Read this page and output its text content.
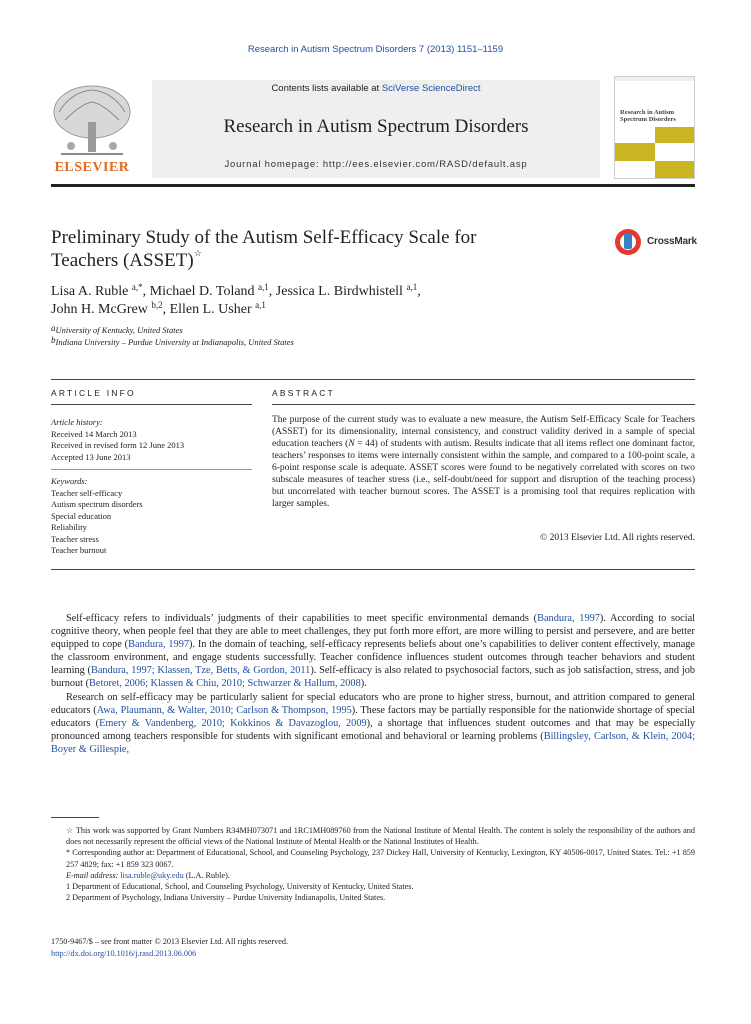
Research in Autism Spectrum Disorders 7 (2013) 1151–1159
ELSEVIER
Contents lists available at SciVerse ScienceDirect
Research in Autism Spectrum Disorders
Journal homepage: http://ees.elsevier.com/RASD/default.asp
Research in Autism Spectrum Disorders
Preliminary Study of the Autism Self-Efficacy Scale for
Teachers (ASSET)☆
CrossMark
Lisa A. Ruble $^{a,*}$, Michael D. Toland $^{a,1}$, Jessica L. Birdwhistell $^{a,1}$,
John H. McGrew $^{b,2}$, Ellen L. Usher $^{a,1}$
$^a$University of Kentucky, United States
$^b$Indiana University – Purdue University at Indianapolis, United States
ARTICLE INFO	ABSTRACT
Article history:
Received 14 March 2013
Received in revised form 12 June 2013
Accepted 13 June 2013
Keywords:
Teacher self-efficacy
Autism spectrum disorders
Special education
Reliability
Teacher stress
Teacher burnout
The purpose of the current study was to evaluate a new measure, the Autism Self-Efficacy Scale for Teachers (ASSET) for its dimensionality, internal consistency, and construct validity derived in a sample of special education teachers (N = 44) of students with autism. Results indicate that all items reflect one dominant factor, teachers’ responses to items were internally consistent within the sample, and compared to a 100-point scale, a 6-point response scale is adequate. ASSET scores were found to be negatively correlated with scores on two subscale measures of teacher stress (i.e., self-doubt/need for support and disruption of the teaching process) but uncorrelated with teacher burnout scores. The ASSET is a promising tool that requires replication with larger samples.
© 2013 Elsevier Ltd. All rights reserved.

Self-efficacy refers to individuals’ judgments of their capabilities to meet specific environmental demands (Bandura, 1997). According to social cognitive theory, when people feel that they are able to meet challenges, they put forth more effort, are more willing to persist and persevere, and are better equipped to cope (Bandura, 1997). In the domain of teaching, self-efficacy represents beliefs about one’s capabilities to deliver content effectively, manage the classroom environment, and engage students successfully. Teacher confidence influences student outcomes through teacher behaviors and student learning (Bandura, 1997; Klassen, Tze, Betts, & Gordon, 2011). Self-efficacy is also related to psychosocial factors, such as job satisfaction, stress, and job burnout (Betoret, 2006; Klassen & Chiu, 2010; Schwarzer & Hallum, 2008).

Research on self-efficacy may be particularly salient for special educators who are prone to higher stress, burnout, and attrition compared to general educators (Awa, Plaumann, & Walter, 2010; Carlson & Thompson, 1995). These factors may be partially responsible for the nationwide shortage of special educators (Emery & Vandenberg, 2010; Kokkinos & Davazoglou, 2009), a shortage that influences student outcomes and that may be especially pronounced among teachers responsible for students with significant emotional and behavioral or learning problems (Billingsley, Carlson, & Klein, 2004; Boyer & Gillespie,

☆ This work was supported by Grant Numbers R34MH073071 and 1RC1MH089760 from the National Institute of Mental Health. The content is solely the responsibility of the authors and does not necessarily represent the official views of the National Institute of Mental Health or the National Institutes of Health.
* Corresponding author at: Department of Educational, School, and Counseling Psychology, 237 Dickey Hall, University of Kentucky, Lexington, KY 40506-0017, United States. Tel.: +1 859 257 4829; fax: +1 859 323 0067.
E-mail address: lisa.ruble@uky.edu (L.A. Ruble).
1 Department of Educational, School, and Counseling Psychology, University of Kentucky, United States.
2 Department of Psychology, Indiana University – Purdue University Indianapolis, United States.
1750-9467/$ – see front matter © 2013 Elsevier Ltd. All rights reserved.
http://dx.doi.org/10.1016/j.rasd.2013.06.006
